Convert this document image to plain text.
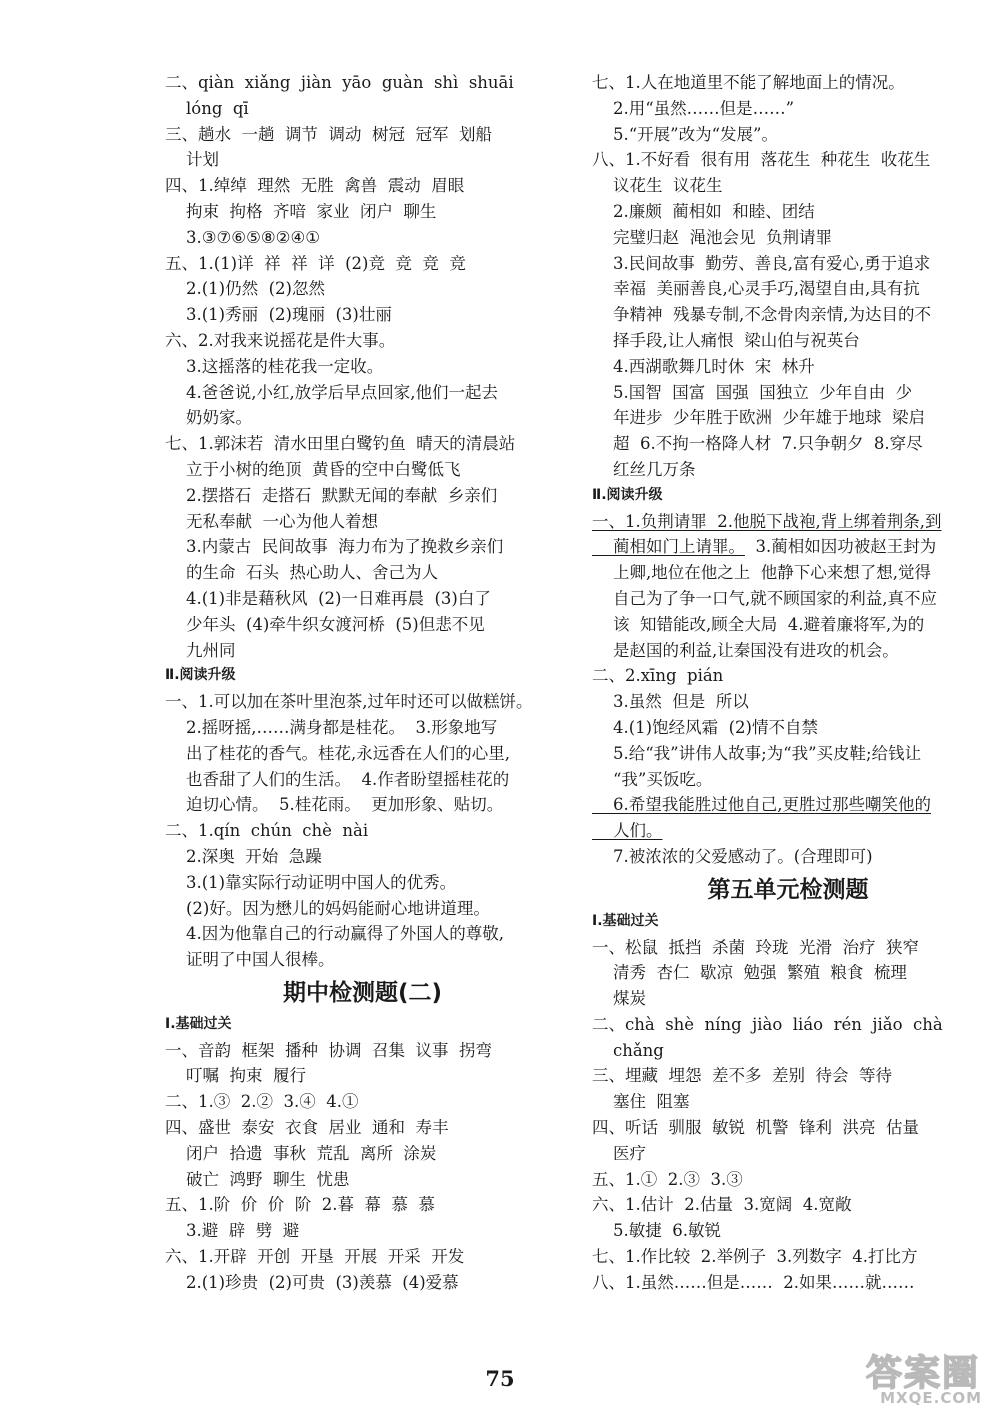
二、qiàn  xiǎng  jiàn  yāo  guàn  shì  shuāi
lóng  qī
三、趟水  一趟  调节  调动  树冠  冠军  划船
计划
四、1.绰绰  理然  无胜  禽兽  震动  眉眼
拘束  拘格  齐喑  家业  闭户  聊生
3.③⑦⑥⑤⑧②④①
五、1.(1)详  祥  祥  详  (2)竞  竞  竞  竞
2.(1)仍然  (2)忽然
3.(1)秀丽  (2)瑰丽  (3)壮丽
六、2.对我来说摇花是件大事。
3.这摇落的桂花我一定收。
4.爸爸说,小红,放学后早点回家,他们一起去
奶奶家。
七、1.郭沫若  清水田里白鹭钓鱼  晴天的清晨站
立于小树的绝顶  黄昏的空中白鹭低飞
2.摆搭石  走搭石  默默无闻的奉献  乡亲们
无私奉献  一心为他人着想
3.内蒙古  民间故事  海力布为了挽救乡亲们
的生命  石头  热心助人、舍己为人
4.(1)非是藉秋风  (2)一日难再晨  (3)白了
少年头  (4)牵牛织女渡河桥  (5)但悲不见
九州同
Ⅱ.阅读升级
一、1.可以加在茶叶里泡茶,过年时还可以做糕饼。
2.摇呀摇,……满身都是桂花。  3.形象地写
出了桂花的香气。桂花,永远香在人们的心里,
也香甜了人们的生活。  4.作者盼望摇桂花的
迫切心情。  5.桂花雨。  更加形象、贴切。
二、1.qín  chún  chè  nài
2.深奥  开始  急躁
3.(1)靠实际行动证明中国人的优秀。
(2)好。因为懋儿的妈妈能耐心地讲道理。
4.因为他靠自己的行动赢得了外国人的尊敬,
证明了中国人很棒。
期中检测题(二)
Ⅰ.基础过关
一、音韵  框架  播种  协调  召集  议事  拐弯
叮嘱  拘束  履行
二、1.③  2.②  3.④  4.①
四、盛世  泰安  衣食  居业  通和  寿丰
闭户  拾遗  事秋  荒乱  离所  涂炭
破亡  鸿野  聊生  忧患
五、1.阶  价  价  阶  2.暮  幕  慕  慕
3.避  辟  劈  避
六、1.开辟  开创  开垦  开展  开采  开发
2.(1)珍贵  (2)可贵  (3)羡慕  (4)爱慕
七、1.人在地道里不能了解地面上的情况。
2.用“虽然……但是……”
5.“开展”改为“发展”。
八、1.不好看  很有用  落花生  种花生  收花生
议花生  议花生
2.廉颇  蔺相如  和睦、团结
完璧归赵  渑池会见  负荆请罪
3.民间故事  勤劳、善良,富有爱心,勇于追求
幸福  美丽善良,心灵手巧,渴望自由,具有抗
争精神  残暴专制,不念骨肉亲情,为达目的不
择手段,让人痛恨  梁山伯与祝英台
4.西湖歌舞几时休  宋  林升
5.国智  国富  国强  国独立  少年自由  少
年进步  少年胜于欧洲  少年雄于地球  梁启
超  6.不拘一格降人材  7.只争朝夕  8.穿尽
红丝几万条
Ⅱ.阅读升级
一、1.负荆请罪  2.他脱下战袍,背上绑着荆条,到
蔺相如门上请罪。  3.蔺相如因功被赵王封为
上卿,地位在他之上  他静下心来想了想,觉得
自己为了争一口气,就不顾国家的利益,真不应
该  知错能改,顾全大局  4.避着廉将军,为的
是赵国的利益,让秦国没有进攻的机会。
二、2.xīng  pián
3.虽然  但是  所以
4.(1)饱经风霜  (2)情不自禁
5.给“我”讲伟人故事;为“我”买皮鞋;给钱让
“我”买饭吃。
6.希望我能胜过他自己,更胜过那些嘲笑他的
人们。
7.被浓浓的父爱感动了。(合理即可)
第五单元检测题
Ⅰ.基础过关
一、松鼠  抵挡  杀菌  玲珑  光滑  治疗  狭窄
清秀  杏仁  歇凉  勉强  繁殖  粮食  梳理
煤炭
二、chà  shè  níng  jiào  liáo  rén  jiǎo  chà
chǎng
三、埋藏  埋怨  差不多  差别  待会  等待
塞住  阻塞
四、听话  驯服  敏锐  机警  锋利  洪亮  估量
医疗
五、1.①  2.③  3.③
六、1.估计  2.估量  3.宽阔  4.宽敞
5.敏捷  6.敏锐
七、1.作比较  2.举例子  3.列数字  4.打比方
八、1.虽然……但是……  2.如果……就……
75	答案圈
MXQE.COM
